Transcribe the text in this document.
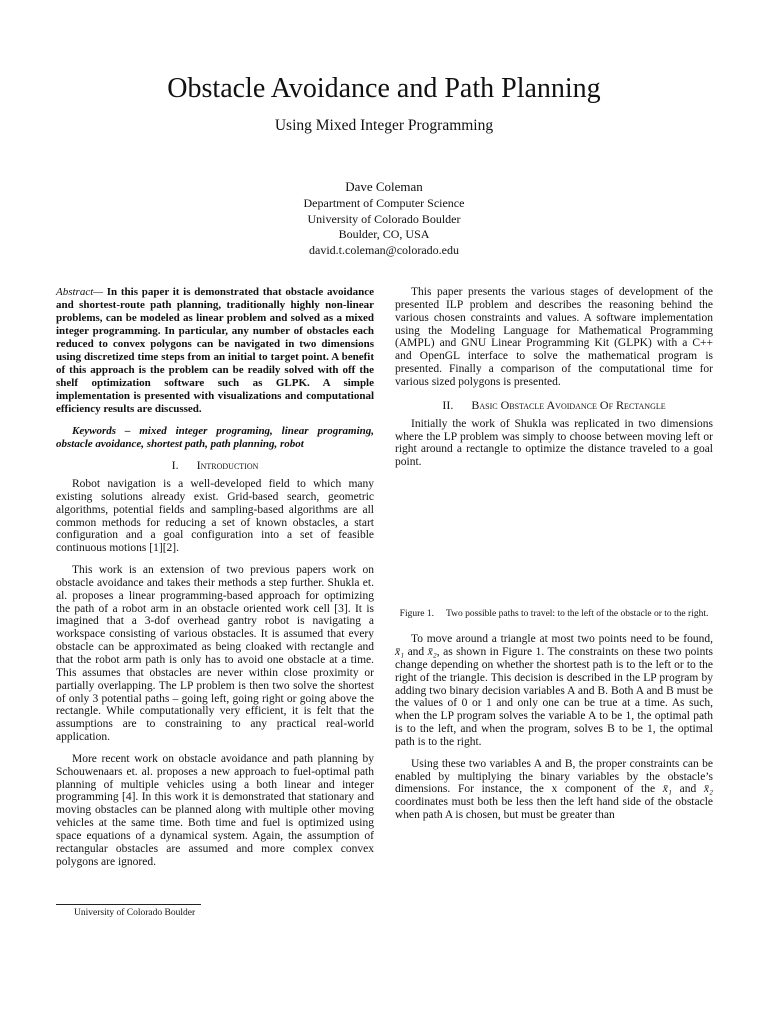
Obstacle Avoidance and Path Planning
Using Mixed Integer Programming
Dave Coleman
Department of Computer Science
University of Colorado Boulder
Boulder, CO, USA
david.t.coleman@colorado.edu

Abstract— In this paper it is demonstrated that obstacle avoidance and shortest-route path planning, traditionally highly non-linear problems, can be modeled as linear problem and solved as a mixed integer programming. In particular, any number of obstacles each reduced to convex polygons can be navigated in two dimensions using discretized time steps from an initial to target point. A benefit of this approach is the problem can be readily solved with off the shelf optimization software such as GLPK. A simple implementation is presented with visualizations and computational efficiency results are discussed.

Keywords – mixed integer programing, linear programing, obstacle avoidance, shortest path, path planning, robot

I. Introduction

Robot navigation is a well-developed field to which many existing solutions already exist. Grid-based search, geometric algorithms, potential fields and sampling-based algorithms are all common methods for reducing a set of known obstacles, a start configuration and a goal configuration into a set of feasible continuous motions [1][2].

This work is an extension of two previous papers work on obstacle avoidance and takes their methods a step further. Shukla et. al. proposes a linear programming-based approach for optimizing the path of a robot arm in an obstacle oriented work cell [3]. It is imagined that a 3-dof overhead gantry robot is navigating a workspace consisting of various obstacles. It is assumed that every obstacle can be approximated as being cloaked with rectangle and that the robot arm path is only has to avoid one obstacle at a time. This assumes that obstacles are never within close proximity or partially overlapping. The LP problem is then two solve the shortest of only 3 potential paths – going left, going right or going above the rectangle. While computationally very efficient, it is felt that the assumptions are to constraining to any practical real-world application.

More recent work on obstacle avoidance and path planning by Schouwenaars et. al. proposes a new approach to fuel-optimal path planning of multiple vehicles using a both linear and integer programming [4]. In this work it is demonstrated that stationary and moving obstacles can be planned along with multiple other moving vehicles at the same time. Both time and fuel is optimized using space equations of a dynamical system. Again, the assumption of rectangular obstacles are assumed and more complex convex polygons are ignored.

This paper presents the various stages of development of the presented ILP problem and describes the reasoning behind the various chosen constraints and values. A software implementation using the Modeling Language for Mathematical Programming (AMPL) and GNU Linear Programming Kit (GLPK) with a C++ and OpenGL interface to solve the mathematical program is presented. Finally a comparison of the computational time for various sized polygons is presented.

II. Basic Obstacle Avoidance Of Rectangle

Initially the work of Shukla was replicated in two dimensions where the LP problem was simply to choose between moving left or right around a rectangle to optimize the distance traveled to a goal point.

Figure 1. Two possible paths to travel: to the left of the obstacle or to the right.

To move around a triangle at most two points need to be found, x̄₁ and x̄₂, as shown in Figure 1. The constraints on these two points change depending on whether the shortest path is to the left or to the right of the triangle. This decision is described in the LP program by adding two binary decision variables A and B. Both A and B must be the values of 0 or 1 and only one can be true at a time. As such, when the LP program solves the variable A to be 1, the optimal path is to the left, and when the program, solves B to be 1, the optimal path is to the right.

Using these two variables A and B, the proper constraints can be enabled by multiplying the binary variables by the obstacle’s dimensions. For instance, the x component of the x̄₁ and x̄₂ coordinates must both be less then the left hand side of the obstacle when path A is chosen, but must be greater than

University of Colorado Boulder
